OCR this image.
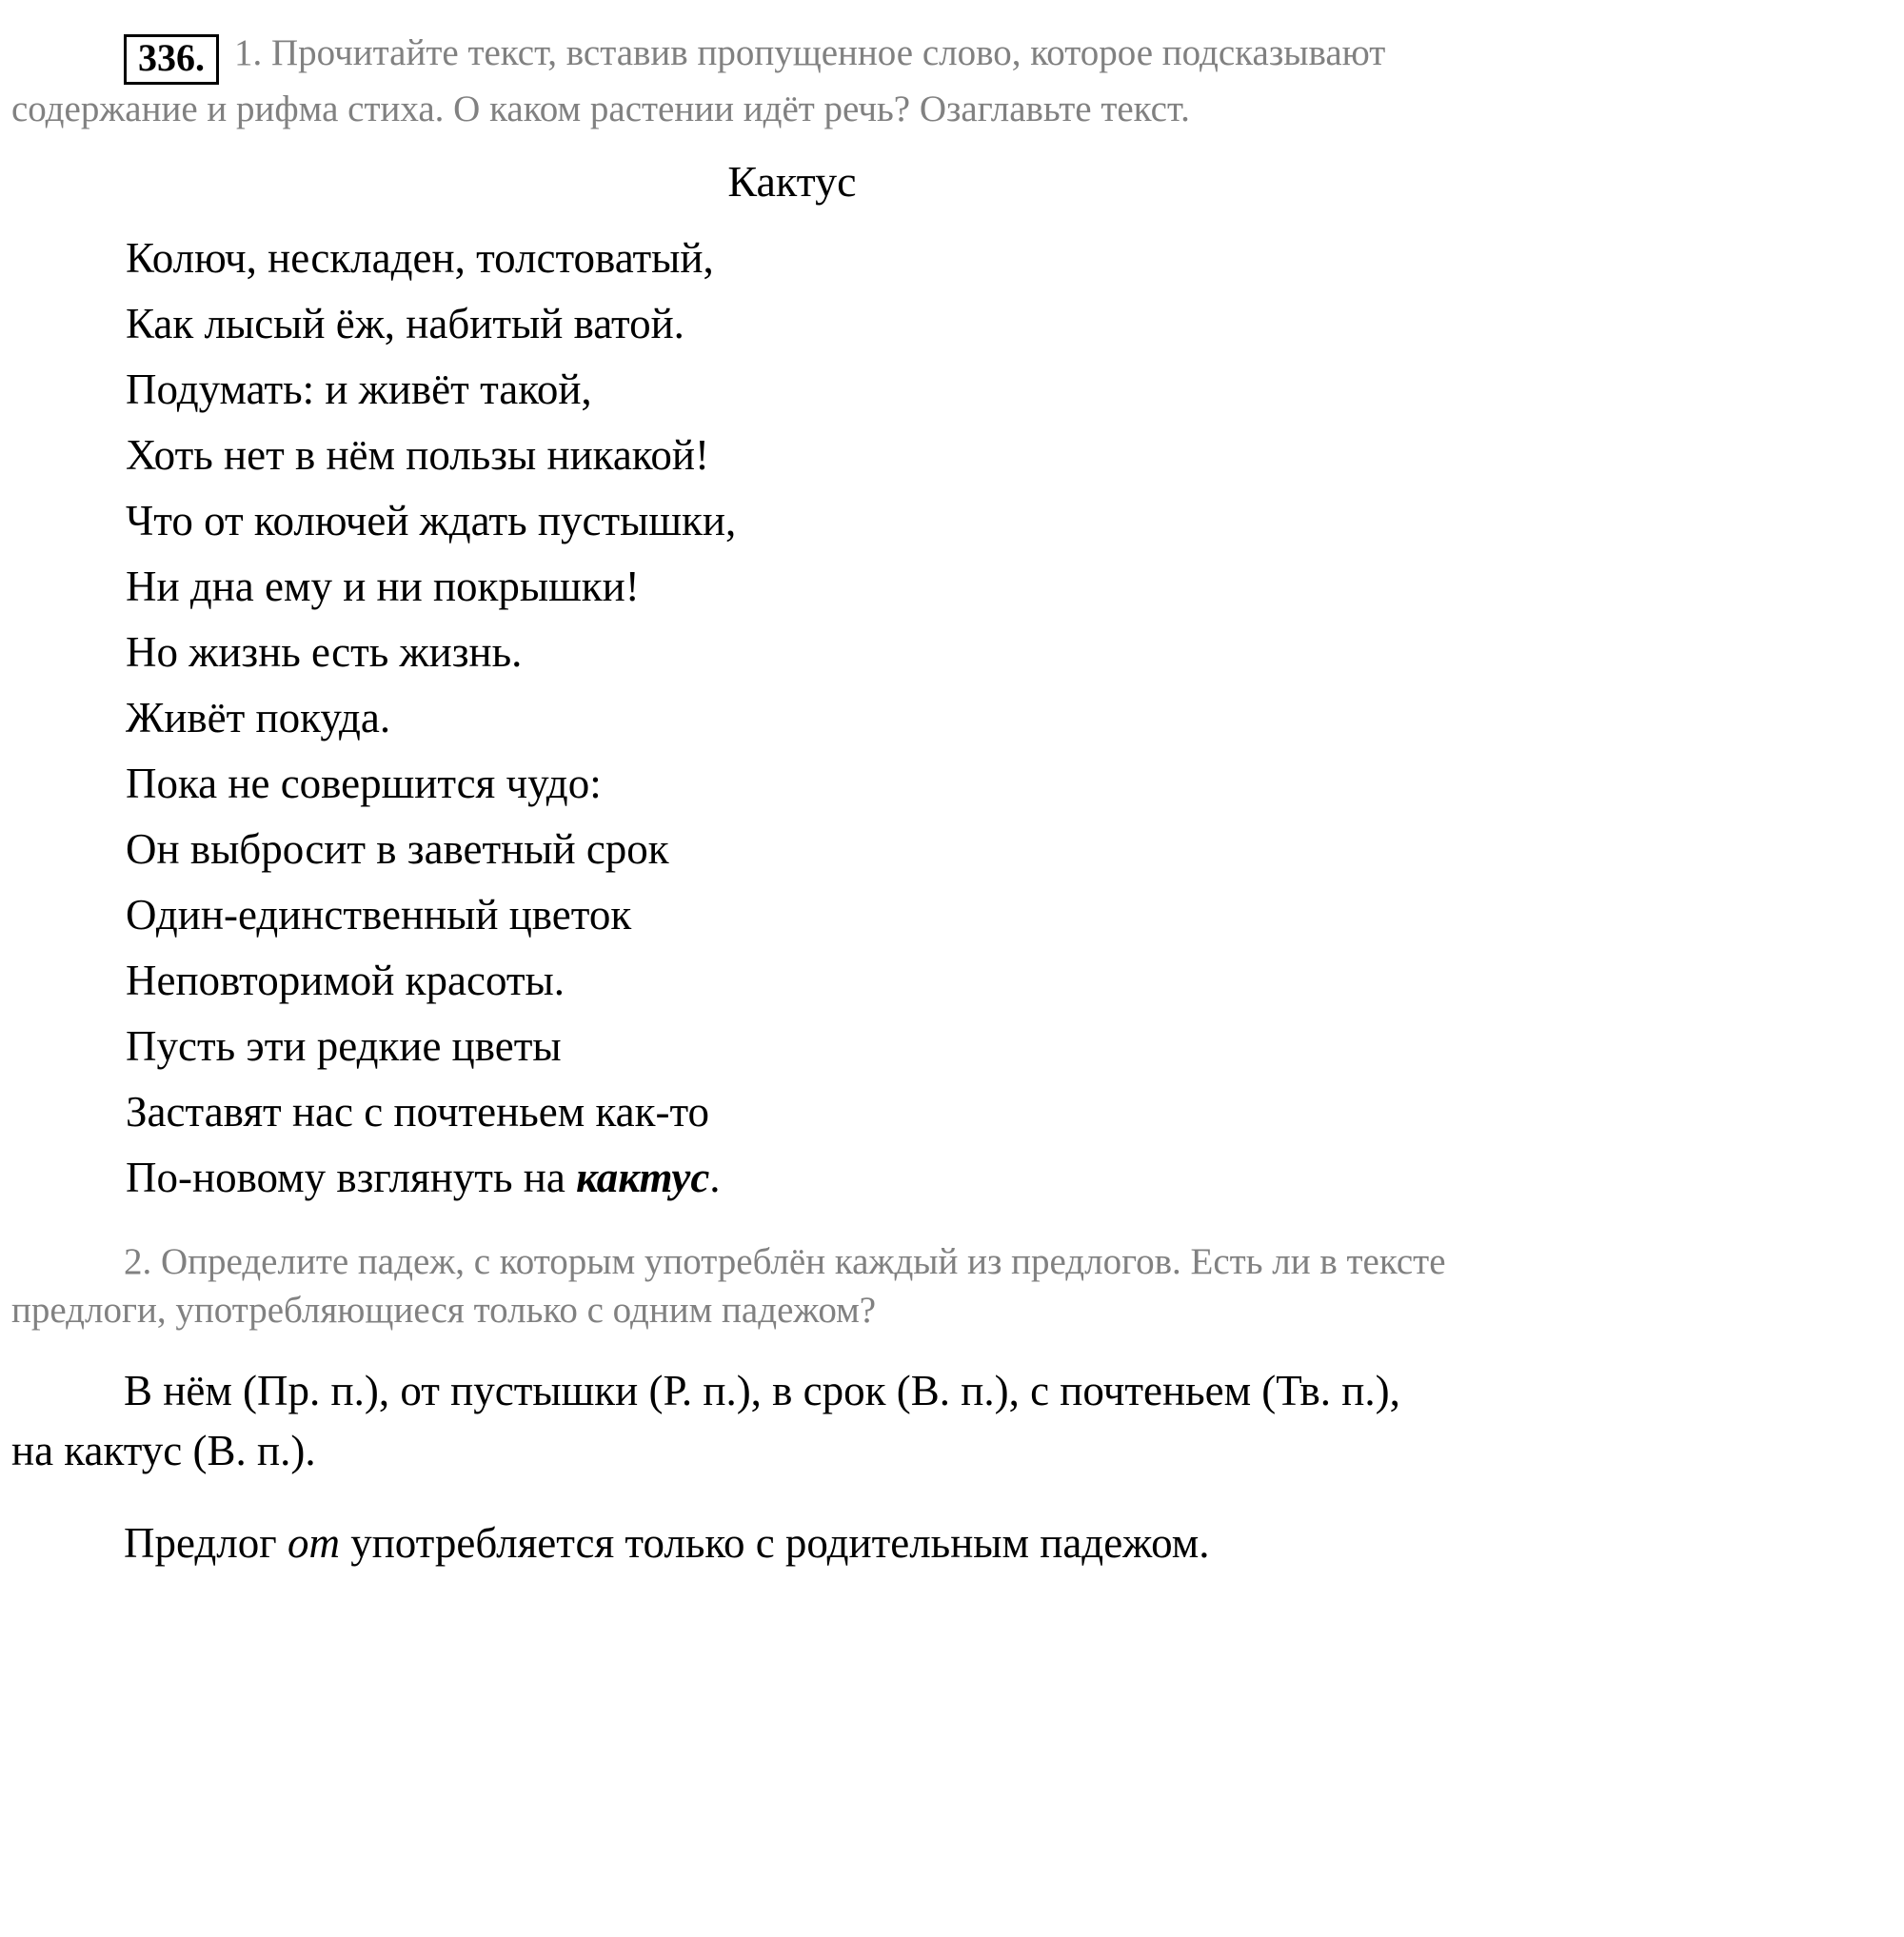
336. 1. Прочитайте текст, вставив пропущенное слово, которое подсказывают
содержание и рифма стиха. О каком растении идёт речь? Озаглавьте текст.
Кактус
Колюч, нескладен, толстоватый,
Как лысый ёж, набитый ватой.
Подумать: и живёт такой,
Хоть нет в нём пользы никакой!
Что от колючей ждать пустышки,
Ни дна ему и ни покрышки!
Но жизнь есть жизнь.
Живёт покуда.
Пока не совершится чудо:
Он выбросит в заветный срок
Один-единственный цветок
Неповторимой красоты.
Пусть эти редкие цветы
Заставят нас с почтеньем как-то
По-новому взглянуть на кактус.
2. Определите падеж, с которым употреблён каждый из предлогов. Есть ли в тексте
предлоги, употребляющиеся только с одним падежом?
В нём (Пр. п.), от пустышки (Р. п.), в срок (В. п.), с почтеньем (Тв. п.),
на кактус (В. п.).
Предлог от употребляется только с родительным падежом.
